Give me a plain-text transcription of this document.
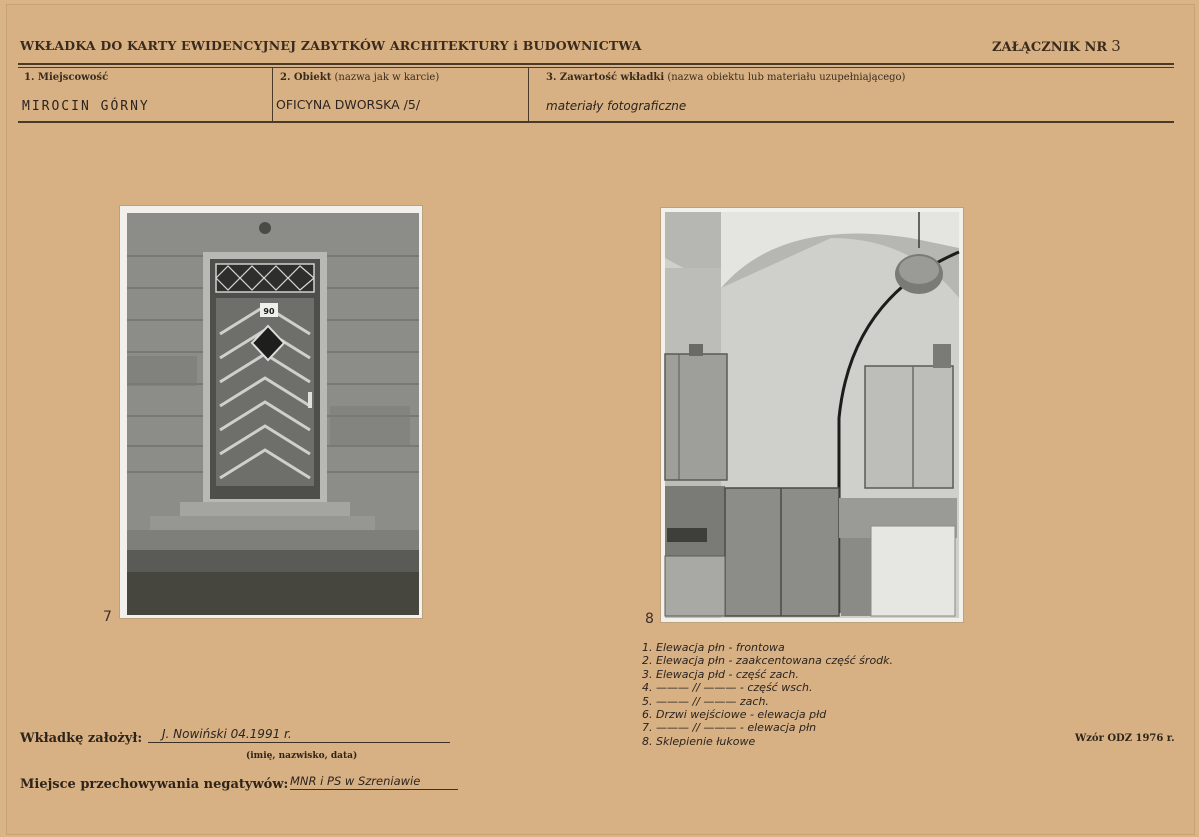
WKŁADKA DO KARTY EWIDENCYJNEJ ZABYTKÓW ARCHITEKTURY i BUDOWNICTWA	ZAŁĄCZNIK NR 3
1. Miejscowość	2. Obiekt (nazwa jak w karcie)	3. Zawartość wkładki (nazwa obiektu lub materiału uzupełniającego)
MIROCIN GÓRNY	OFICYNA DWORSKA /5/	materiały fotograficzne
90
7	8
1. Elewacja płn - frontowa
2. Elewacja płn - zaakcentowana część środk.
3. Elewacja płd - część zach.
4. ——— // ——— - część wsch.
5. ——— // ——— zach.
6. Drzwi wejściowe - elewacja płd
7. ——— // ——— - elewacja płn
8. Sklepienie łukowe
Wkładkę założył:	J. Nowiński 04.1991 r.
(imię, nazwisko, data)
Miejsce przechowywania negatywów: MNR i PS w Szreniawie
Wzór ODZ 1976 r.
